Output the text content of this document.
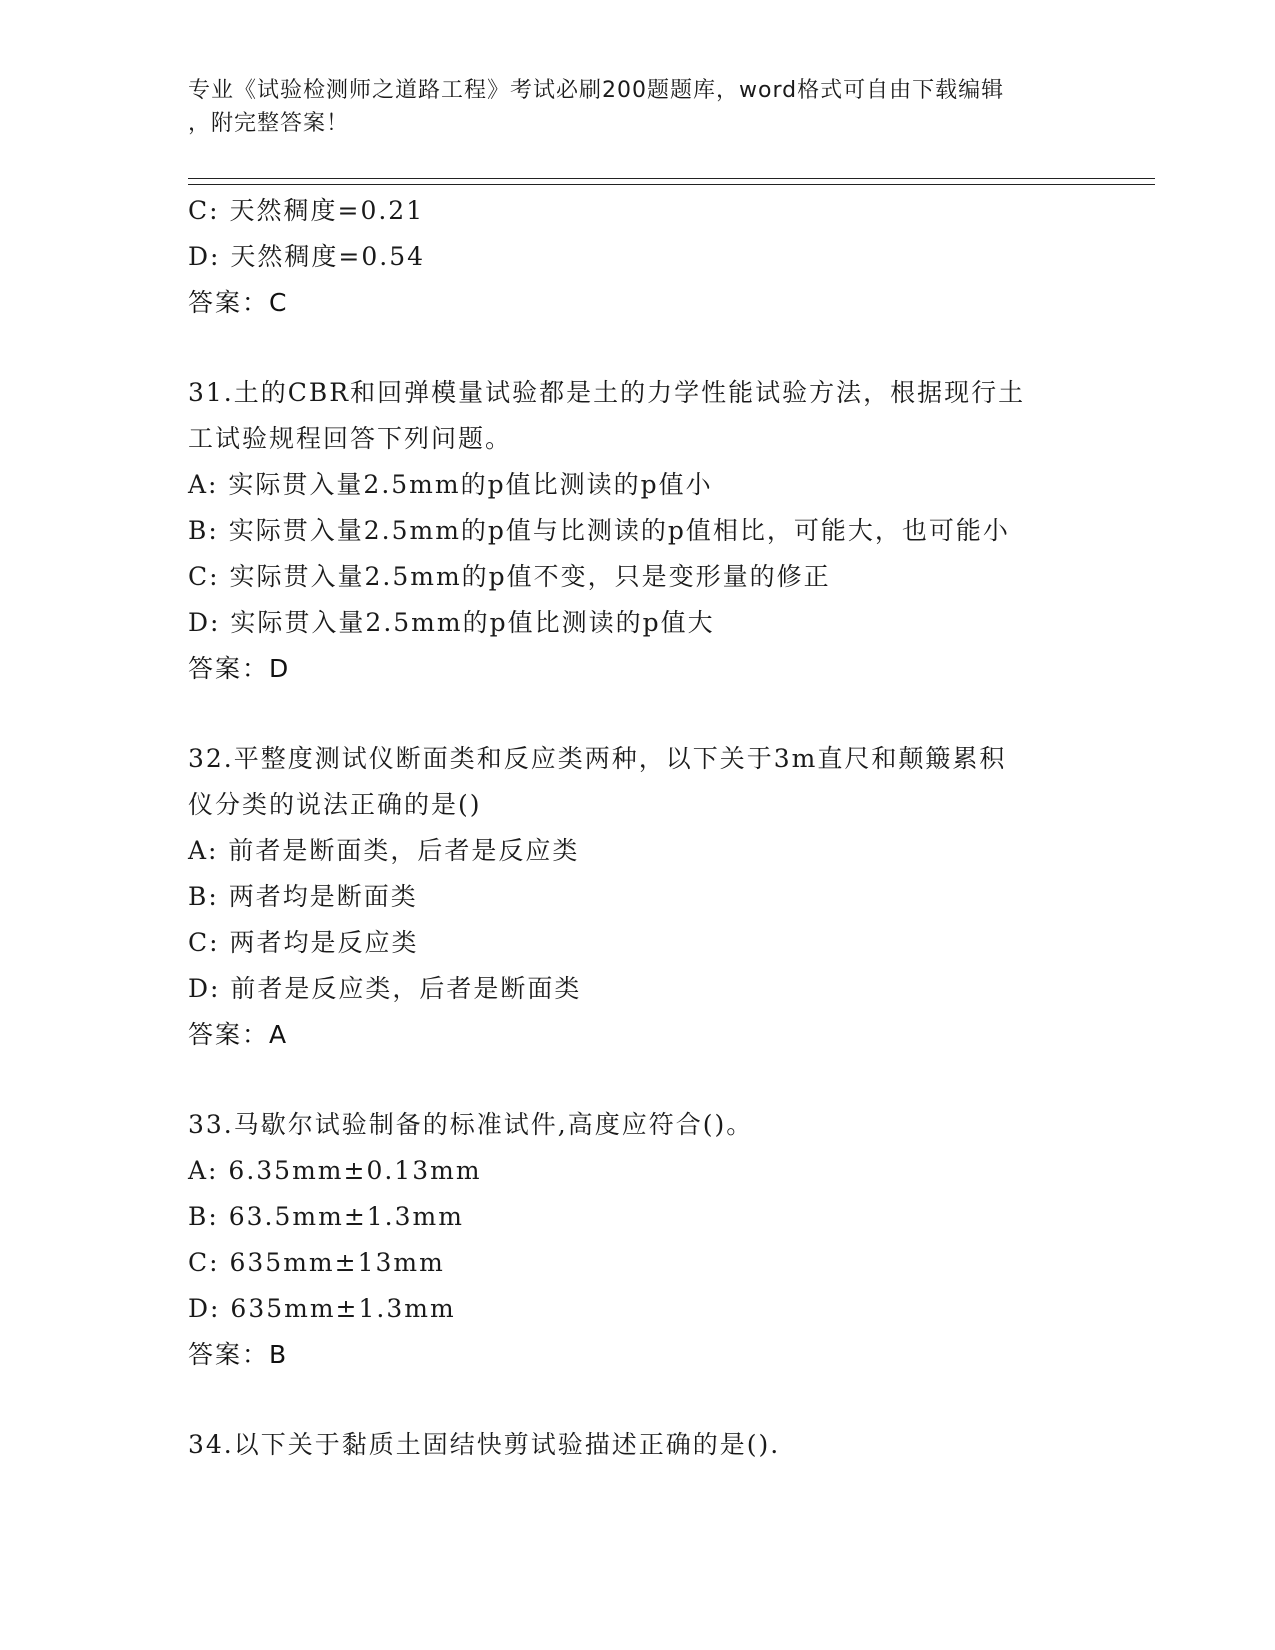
专业《试验检测师之道路工程》考试必刷200题题库，word格式可自由下载编辑
，附完整答案！
C: 天然稠度=0.21
D: 天然稠度=0.54
答案：C
31.土的CBR和回弹模量试验都是土的力学性能试验方法，根据现行土
工试验规程回答下列问题。
A: 实际贯入量2.5mm的p值比测读的p值小
B: 实际贯入量2.5mm的p值与比测读的p值相比，可能大，也可能小
C: 实际贯入量2.5mm的p值不变，只是变形量的修正
D: 实际贯入量2.5mm的p值比测读的p值大
答案：D
32.平整度测试仪断面类和反应类两种，以下关于3m直尺和颠簸累积
仪分类的说法正确的是()
A: 前者是断面类，后者是反应类
B: 两者均是断面类
C: 两者均是反应类
D: 前者是反应类，后者是断面类
答案：A
33.马歇尔试验制备的标准试件,高度应符合()。
A: 6.35mm±0.13mm
B: 63.5mm±1.3mm
C: 635mm±13mm
D: 635mm±1.3mm
答案：B
34.以下关于黏质土固结快剪试验描述正确的是().
